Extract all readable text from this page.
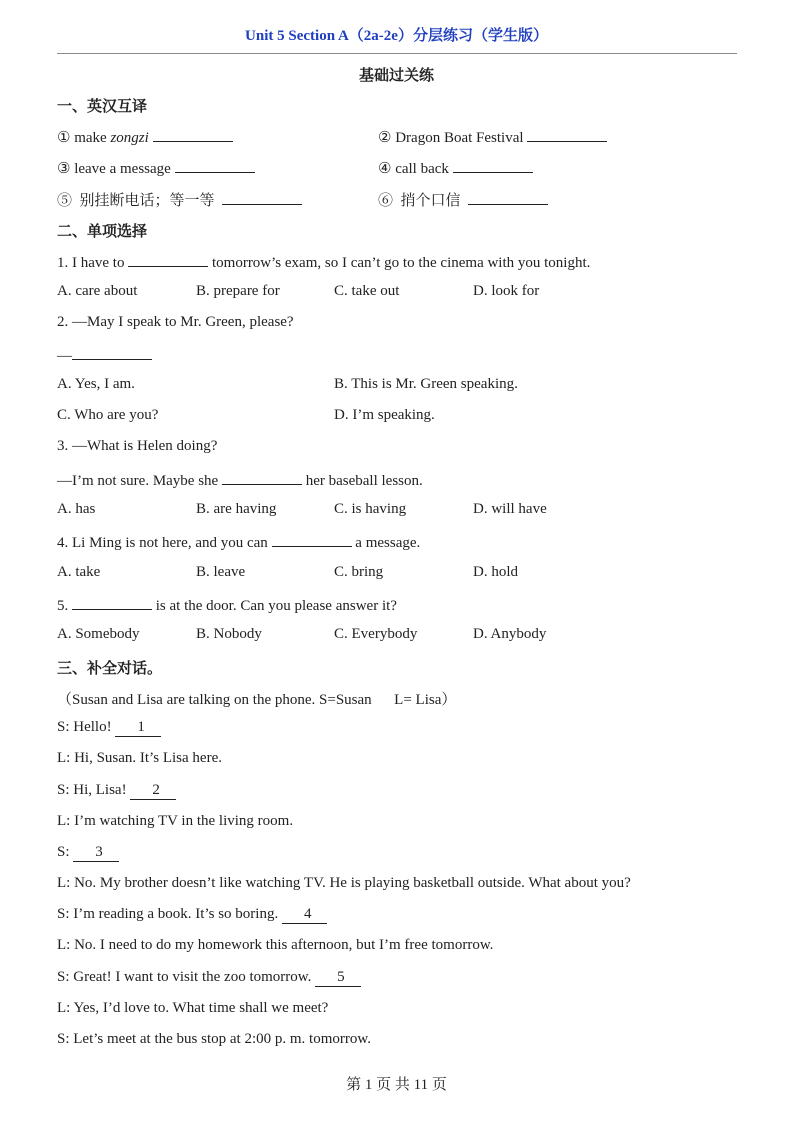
Unit 5 Section A（2a-2e）分层练习（学生版）
基础过关练
一、英汉互译
① make zongzi	② Dragon Boat Festival
③ leave a message	④ call back
⑤  别挂断电话；等一等	⑥  捎个口信
二、单项选择
1. I have to	tomorrow’s exam, so I can’t go to the cinema with you tonight.
A. care about	B. prepare for	C. take out	D. look for
2. —May I speak to Mr. Green, please?
—
A. Yes, I am.	B. This is Mr. Green speaking.
C. Who are you?	D. I’m speaking.
3. —What is Helen doing?
—I’m not sure. Maybe she	her baseball lesson.
A. has	B. are having	C. is having	D. will have
4. Li Ming is not here, and you can	a message.
A. take	B. leave	C. bring	D. hold
5.	is at the door. Can you please answer it?
A. Somebody	B. Nobody	C. Everybody	D. Anybody
三、补全对话。
（Susan and Lisa are talking on the phone. S=Susan      L= Lisa）
S: Hello! 1
L: Hi, Susan. It’s Lisa here.
S: Hi, Lisa! 2
L: I’m watching TV in the living room.
S: 3
L: No. My brother doesn’t like watching TV. He is playing basketball outside. What about you?
S: I’m reading a book. It’s so boring. 4
L: No. I need to do my homework this afternoon, but I’m free tomorrow.
S: Great! I want to visit the zoo tomorrow. 5
L: Yes, I’d love to. What time shall we meet?
S: Let’s meet at the bus stop at 2:00 p. m. tomorrow.
第 1 页 共 11 页
